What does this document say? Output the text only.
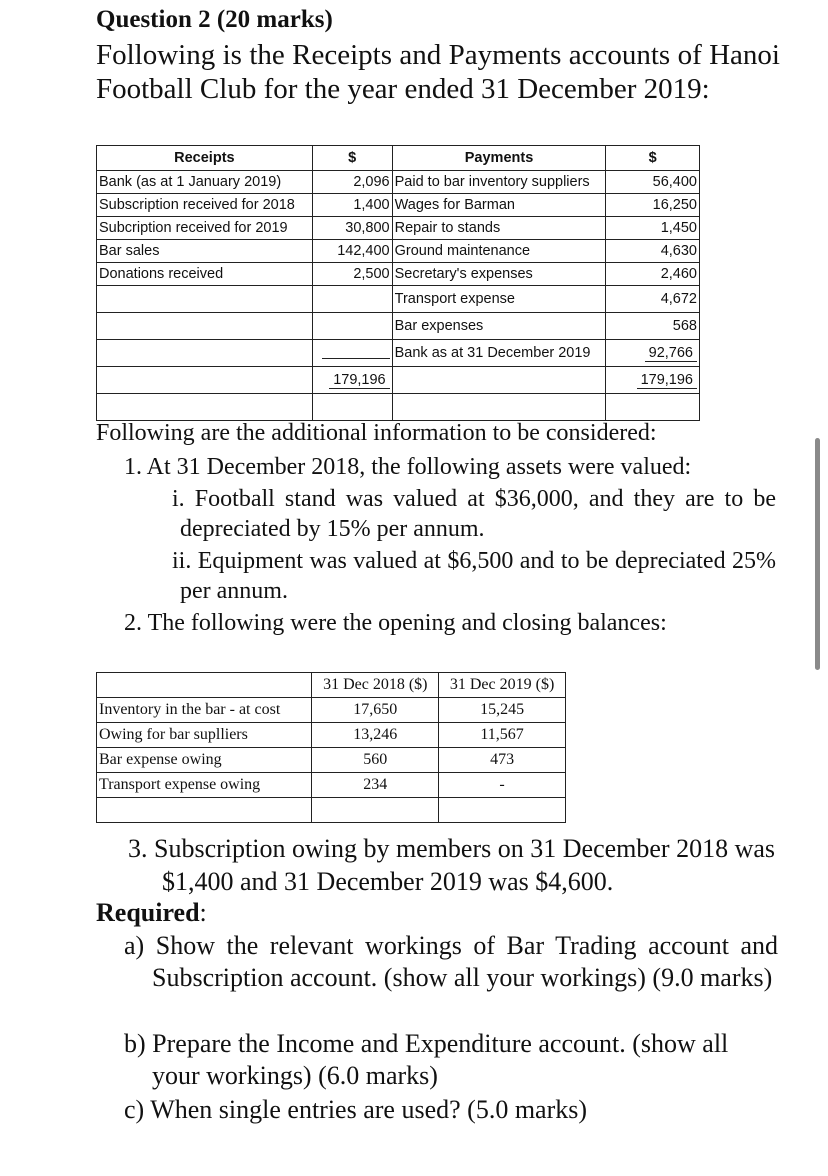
Question 2 (20 marks)
Following is the Receipts and Payments accounts of Hanoi Football Club for the year ended 31 December 2019:
Receipts	$	Payments	$
Bank (as at 1 January 2019)	2,096	Paid to bar inventory suppliers	56,400
Subscription received for 2018	1,400	Wages for Barman	16,250
Subcription received for 2019	30,800	Repair to stands	1,450
Bar sales	142,400	Ground maintenance	4,630
Donations received	2,500	Secretary's expenses	2,460
		Transport expense	4,672
		Bar expenses	568
		Bank as at 31 December 2019	92,766
	179,196		179,196

Following are the additional information to be considered:
1. At 31 December 2018, the following assets were valued:
i. Football stand was valued at $36,000, and they are to be depreciated by 15% per annum.
ii. Equipment was valued at $6,500 and to be depreciated 25% per annum.
2. The following were the opening and closing balances:
	31 Dec 2018 ($)	31 Dec 2019 ($)
Inventory in the bar - at cost	17,650	15,245
Owing for bar suplliers	13,246	11,567
Bar expense owing	560	473
Transport expense owing	234	-

3. Subscription owing by members on 31 December 2018 was $1,400 and 31 December 2019 was $4,600.
Required:
a) Show the relevant workings of Bar Trading account and Subscription account. (show all your workings) (9.0 marks)
b) Prepare the Income and Expenditure account. (show all your workings) (6.0 marks)
c) When single entries are used? (5.0 marks)
